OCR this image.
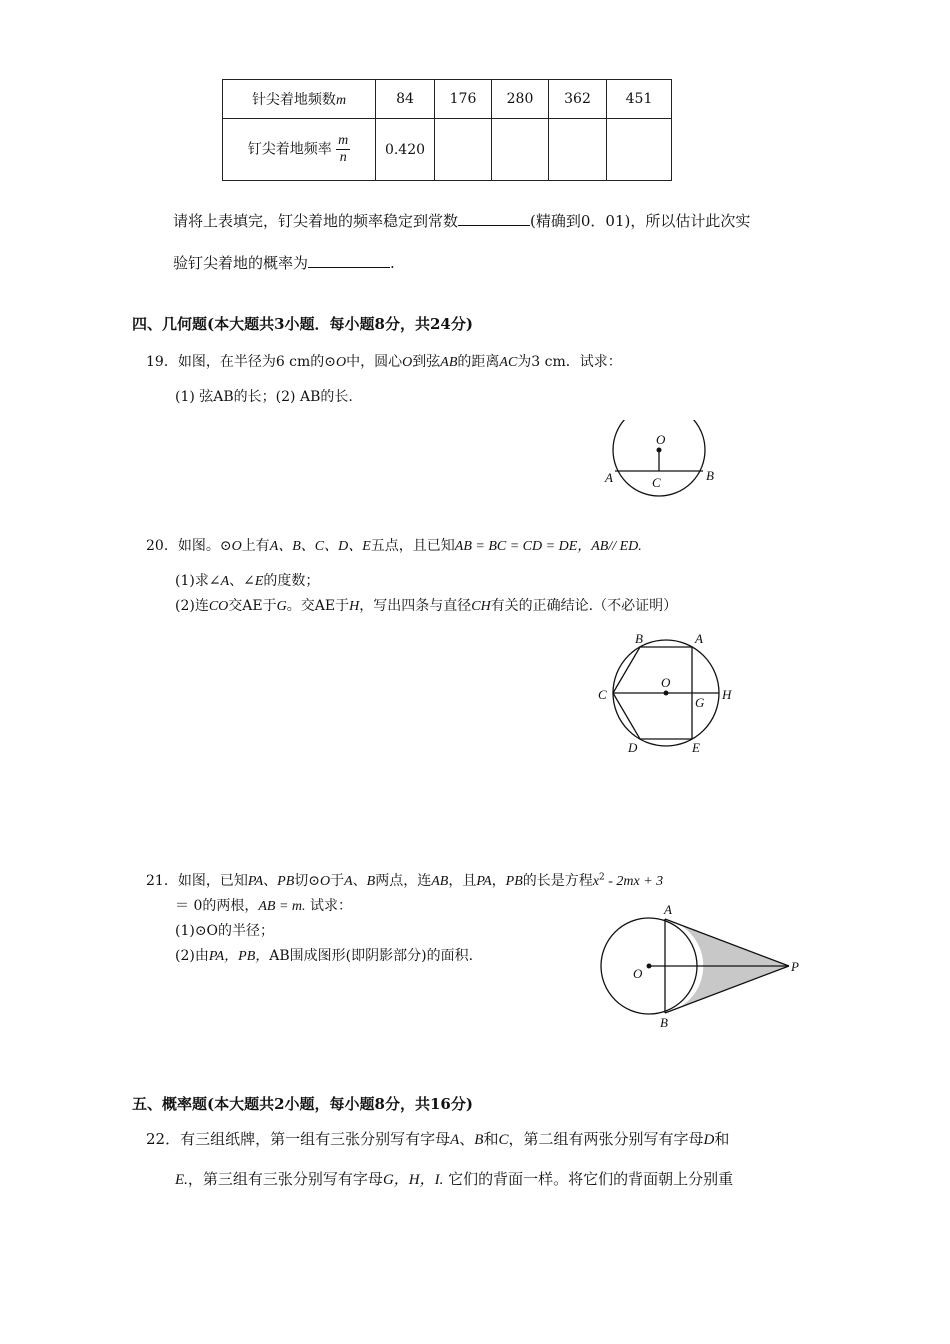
针尖着地频数m	84	176	280	362	451
钉尖着地频率 $\frac{m}{n}$	0.420				
请将上表填完，钉尖着地的频率稳定到常数	(精确到0．01)，所以估计此次实
验钉尖着地的概率为	.
四、几何题(本大题共3小题．每小题8分，共24分)
19．如图，在半径为6 cm的⊙O中，圆心O到弦AB的距离AC为3 cm．试求：
(1) 弦AB的长；(2) AB的长.
O
A	B
C
20．如图。⊙O上有A、B、C、D、E五点，且已知AB = BC = CD = DE，AB// ED.
(1)求∠A、∠E的度数；
(2)连CO交AE于G。交AE于H，写出四条与直径CH有关的正确结论.（不必证明）
B	A
C
O
G
H
D	E
21．如图，已知PA、PB切⊙O于A、B两点，连AB，且PA，PB的长是方程$x^2 - 2mx + 3$
＝ 0的两根，AB = m. 试求：
(1)⊙O的半径；
(2)由PA，PB，AB围成图形(即阴影部分)的面积.
A
B
O	P
五、概率题(本大题共2小题，每小题8分，共16分)
22．有三组纸牌，第一组有三张分别写有字母A、B和C，第二组有两张分别写有字母D和
E.，第三组有三张分别写有字母G，H，I. 它们的背面一样。将它们的背面朝上分别重
